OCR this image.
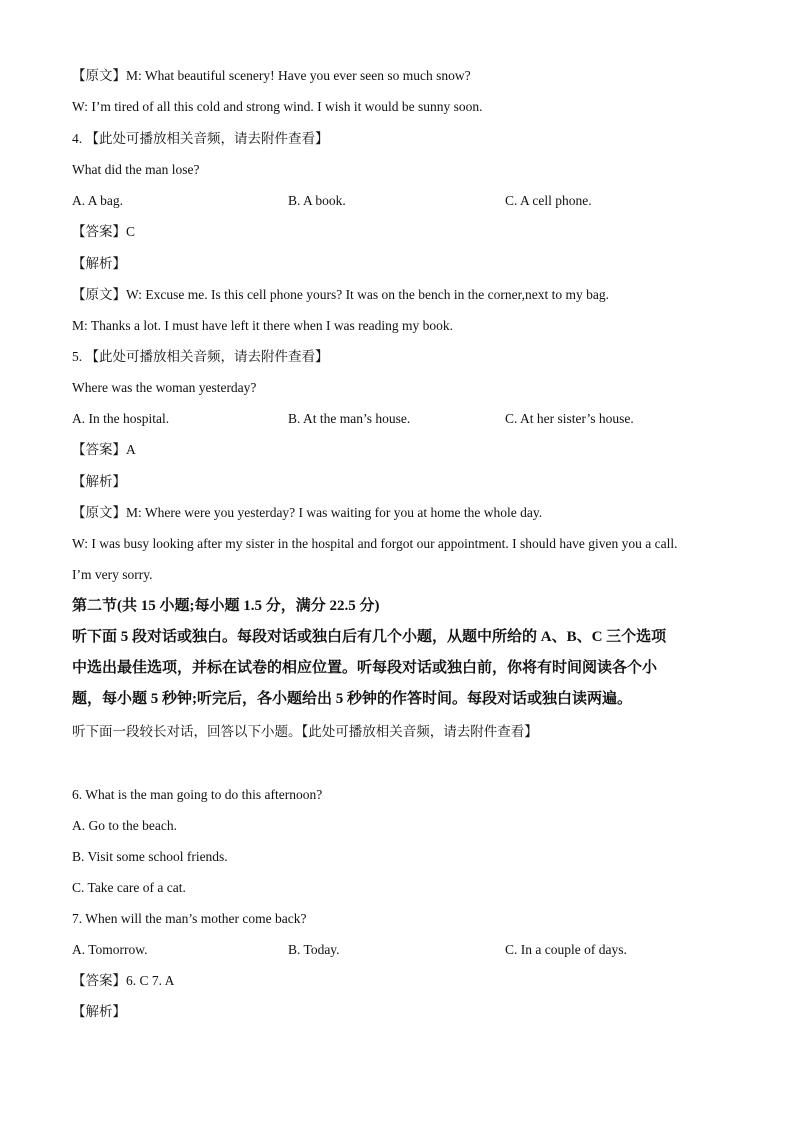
【原文】M: What beautiful scenery! Have you ever seen so much snow?
W: I’m tired of all this cold and strong wind. I wish it would be sunny soon.
4. 【此处可播放相关音频，请去附件查看】
What did the man lose?
A. A bag.	B. A book.	C. A cell phone.
【答案】C
【解析】
【原文】W: Excuse me. Is this cell phone yours? It was on the bench in the corner,next to my bag.
M: Thanks a lot. I must have left it there when I was reading my book.
5. 【此处可播放相关音频，请去附件查看】
Where was the woman yesterday?
A. In the hospital.	B. At the man’s house.	C. At her sister’s house.
【答案】A
【解析】
【原文】M: Where were you yesterday? I was waiting for you at home the whole day.
W: I was busy looking after my sister in the hospital and forgot our appointment. I should have given you a call.
I’m very sorry.
第二节(共 15 小题;每小题 1.5 分，满分 22.5 分)
听下面 5 段对话或独白。每段对话或独白后有几个小题，从题中所给的 A、B、C 三个选项
中选出最佳选项，并标在试卷的相应位置。听每段对话或独白前，你将有时间阅读各个小
题，每小题 5 秒钟;听完后，各小题给出 5 秒钟的作答时间。每段对话或独白读两遍。
听下面一段较长对话，回答以下小题。【此处可播放相关音频，请去附件查看】
6. What is the man going to do this afternoon?
A. Go to the beach.
B. Visit some school friends.
C. Take care of a cat.
7. When will the man’s mother come back?
A. Tomorrow.	B. Today.	C. In a couple of days.
【答案】6. C 7. A
【解析】
